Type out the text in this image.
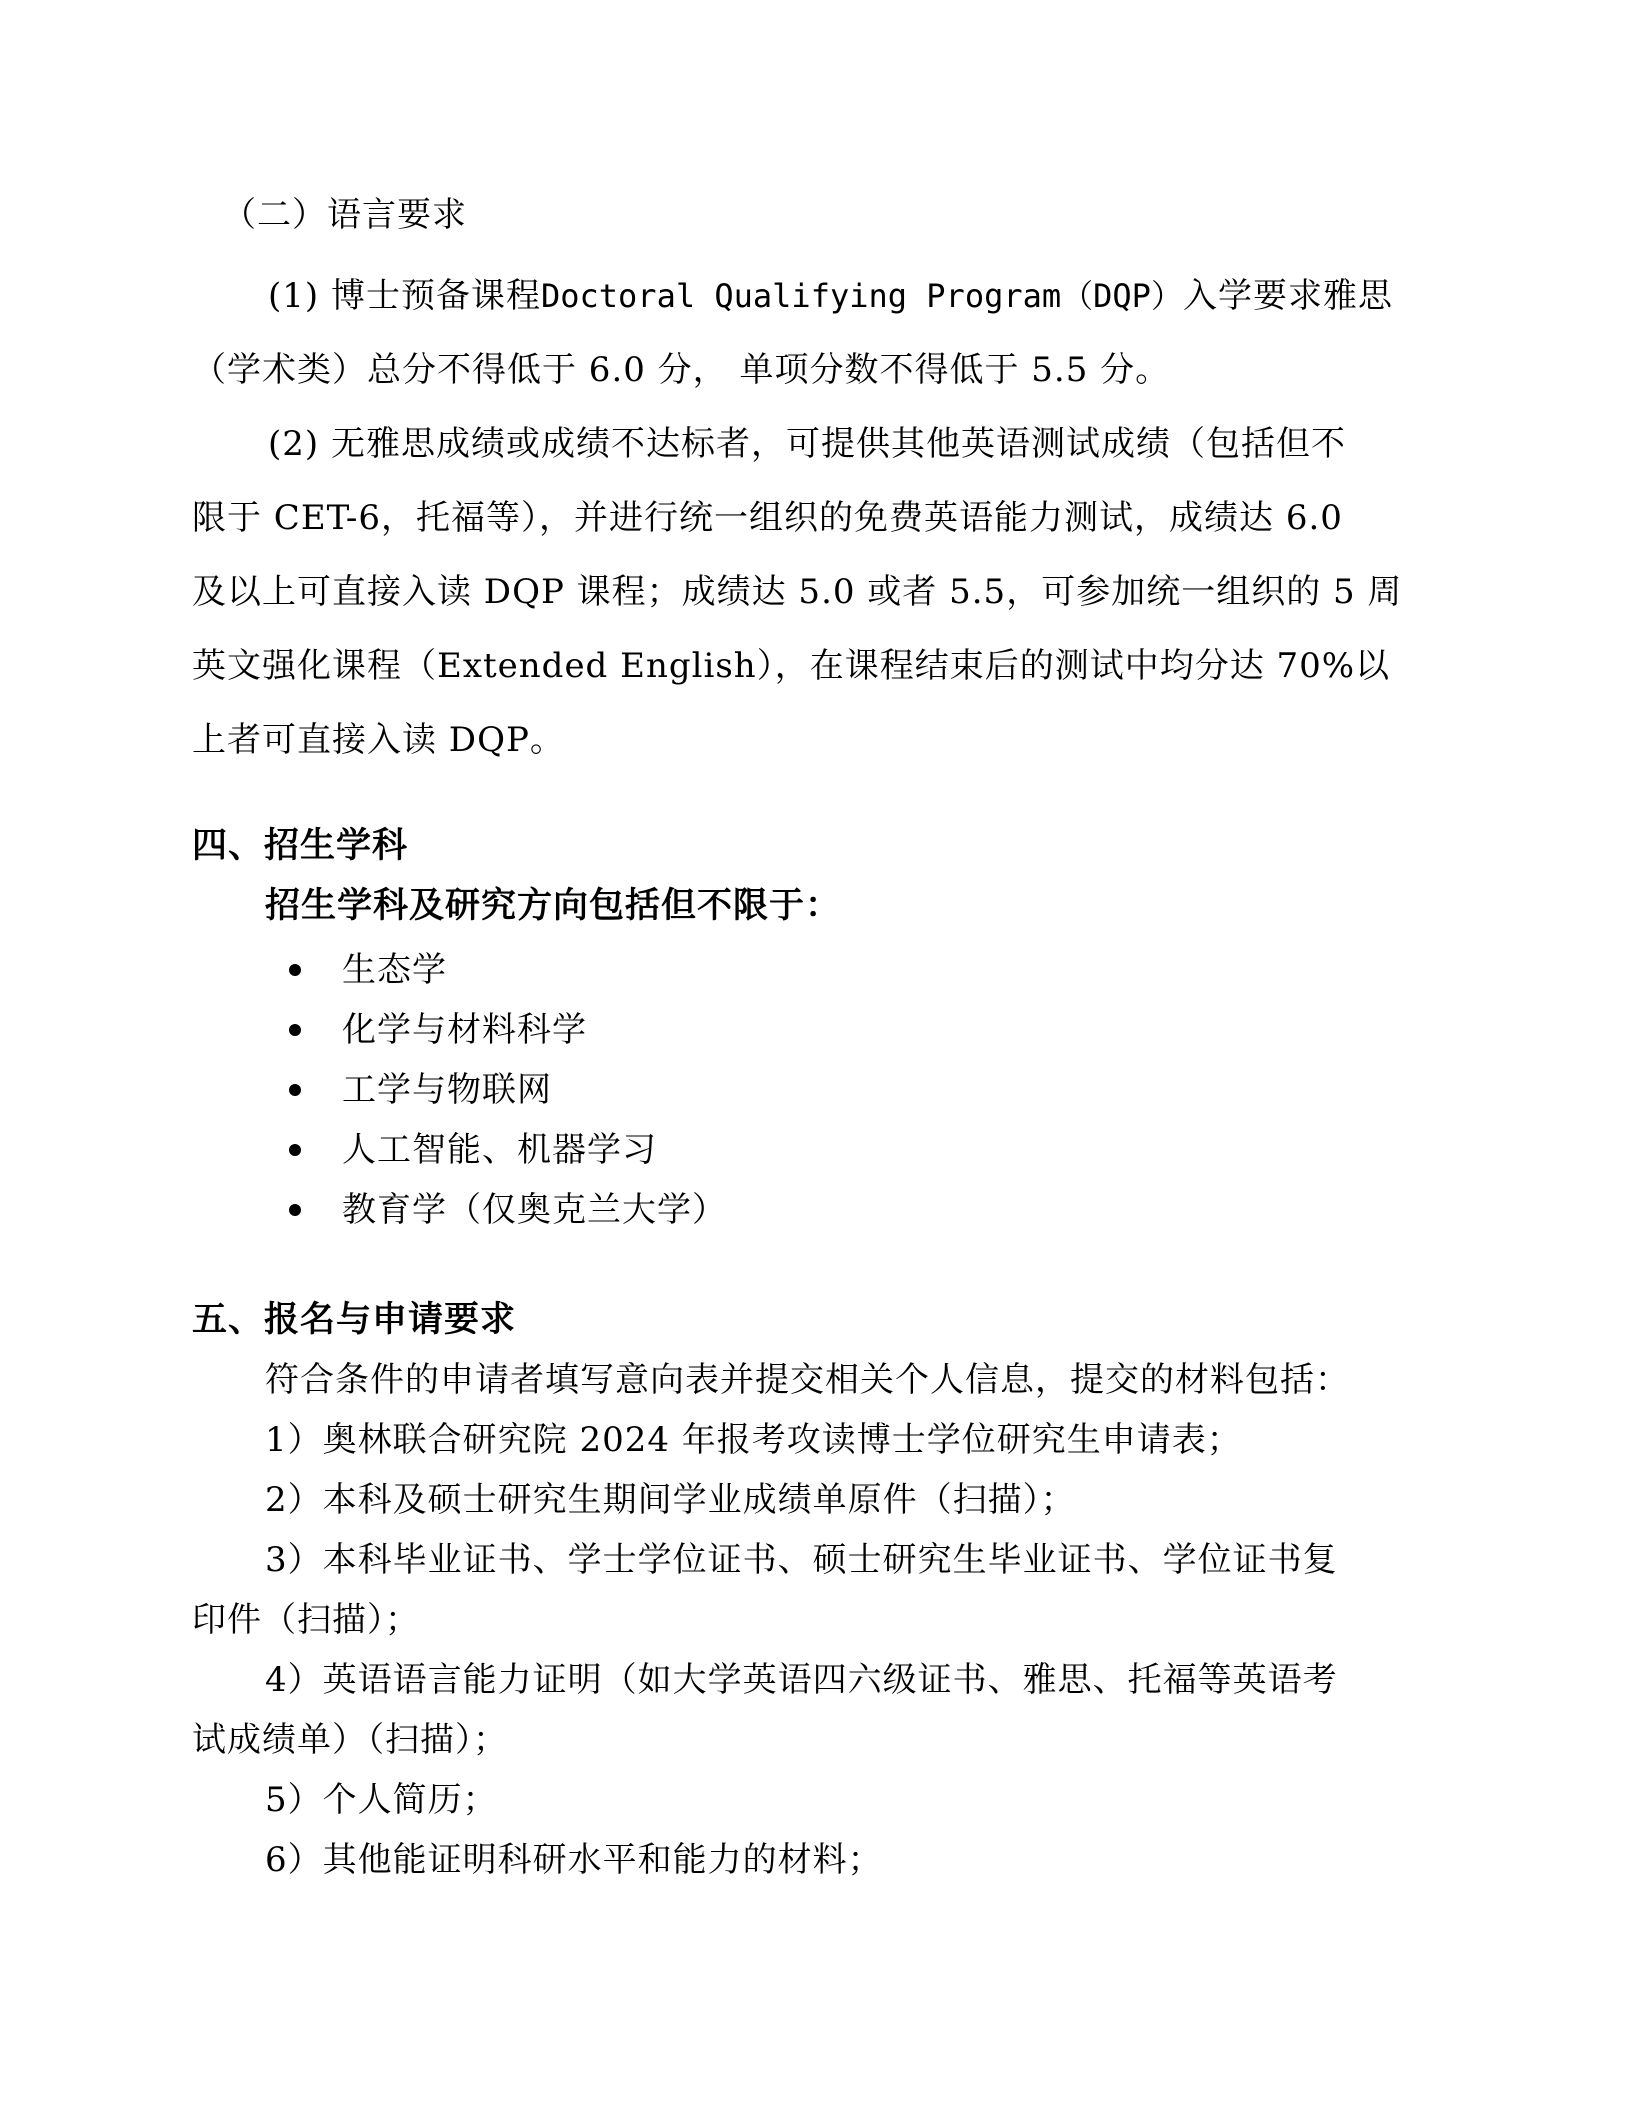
（二）语言要求
(1) 博士预备课程Doctoral Qualifying Program（DQP）入学要求雅思
（学术类）总分不得低于 6.0 分， 单项分数不得低于 5.5 分。
(2) 无雅思成绩或成绩不达标者，可提供其他英语测试成绩（包括但不
限于 CET-6，托福等），并进行统一组织的免费英语能力测试，成绩达 6.0
及以上可直接入读 DQP 课程；成绩达 5.0 或者 5.5，可参加统一组织的 5 周
英文强化课程（Extended English），在课程结束后的测试中均分达 70%以
上者可直接入读 DQP。
四、招生学科
招生学科及研究方向包括但不限于：
生态学
化学与材料科学
工学与物联网
人工智能、机器学习
教育学（仅奥克兰大学）
五、报名与申请要求
符合条件的申请者填写意向表并提交相关个人信息，提交的材料包括：
1）奥林联合研究院 2024 年报考攻读博士学位研究生申请表；
2）本科及硕士研究生期间学业成绩单原件（扫描）；
3）本科毕业证书、学士学位证书、硕士研究生毕业证书、学位证书复
印件（扫描）；
4）英语语言能力证明（如大学英语四六级证书、雅思、托福等英语考
试成绩单）（扫描）；
5）个人简历；
6）其他能证明科研水平和能力的材料；
